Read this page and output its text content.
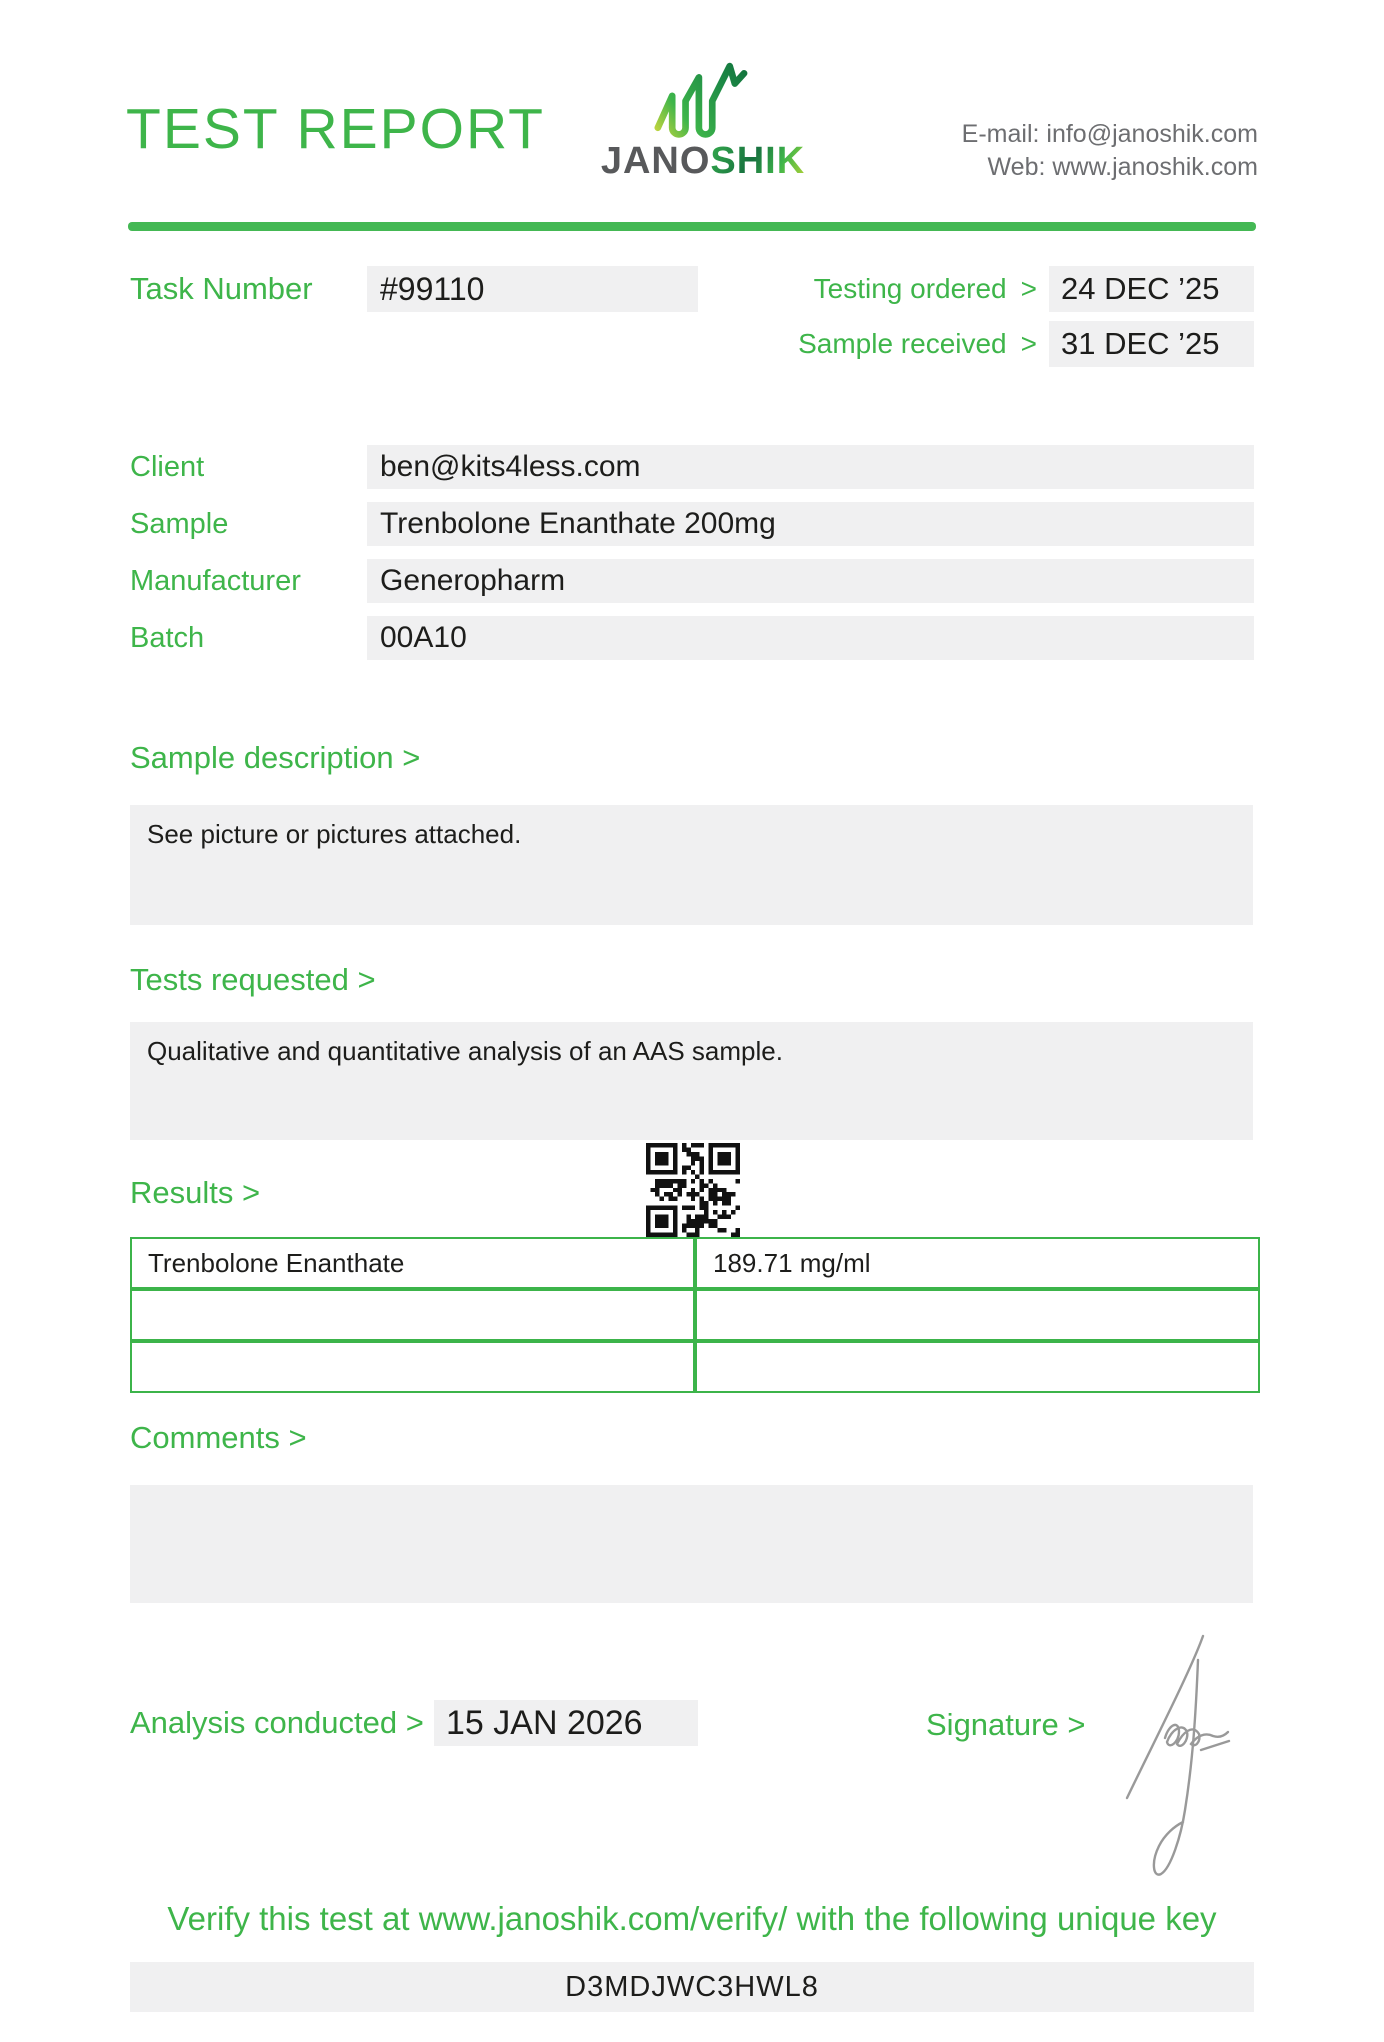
TEST REPORT	JANOSHIK
E-mail: info@janoshik.com
Web: www.janoshik.com
Task Number	#99110	Testing ordered > 24 DEC ’25
Sample received > 31 DEC ’25
Client	ben@kits4less.com
Sample	Trenbolone Enanthate 200mg
Manufacturer	Generopharm
Batch	00A10
Sample description >
See picture or pictures attached.
Tests requested >
Qualitative and quantitative analysis of an AAS sample.
Results >
Trenbolone Enanthate	189.71 mg/ml

Comments >
Analysis conducted > 15 JAN 2026	Signature >
Verify this test at www.janoshik.com/verify/ with the following unique key
D3MDJWC3HWL8
